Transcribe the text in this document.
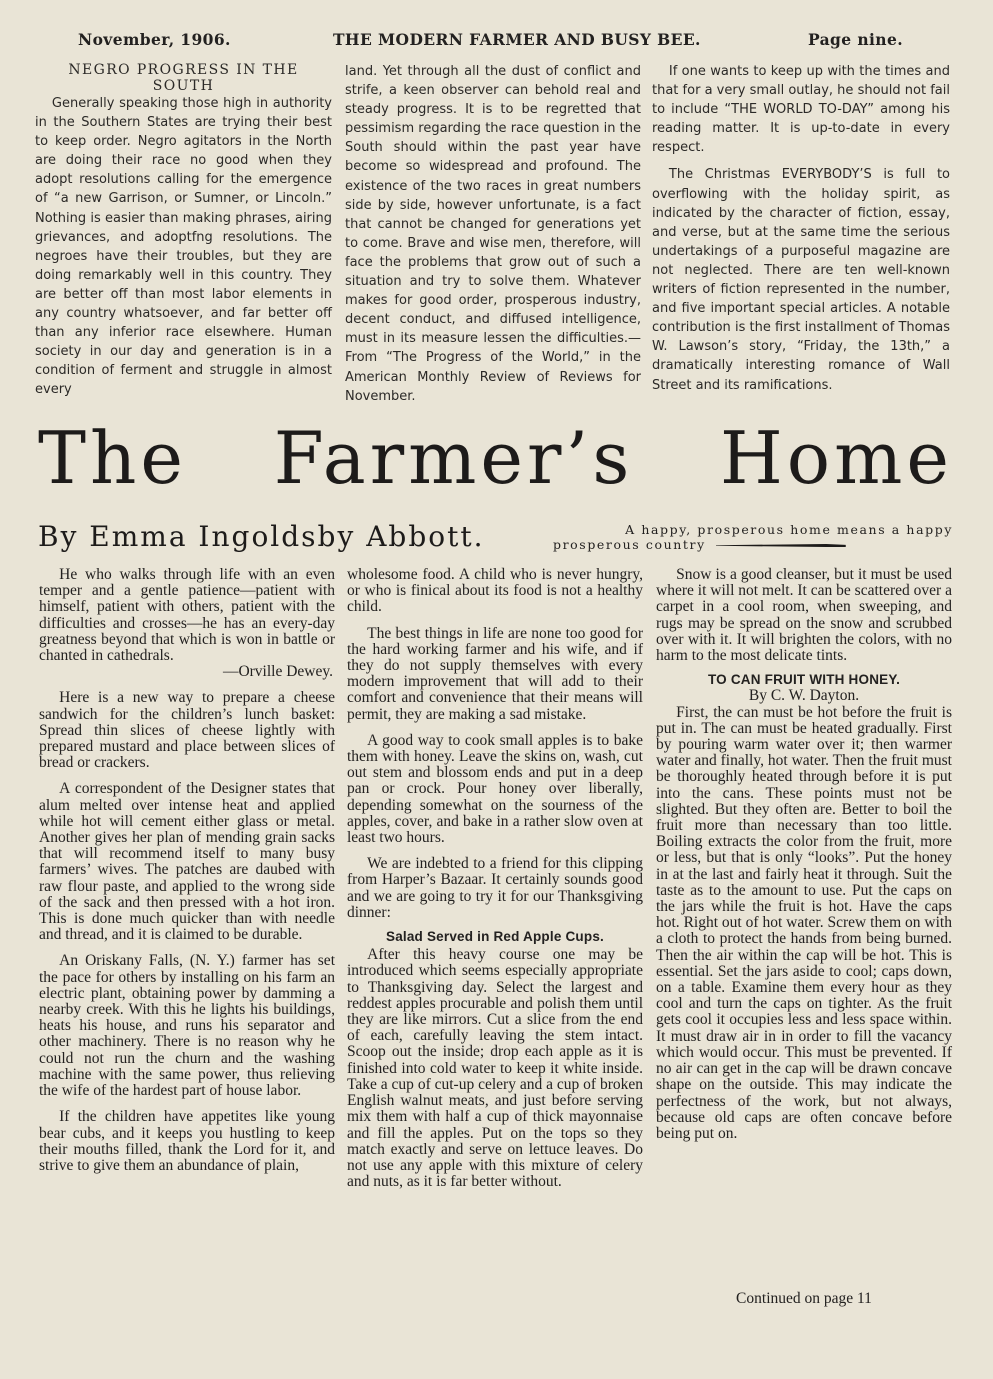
November, 1906.	THE MODERN FARMER AND BUSY BEE.	Page nine.

NEGRO PROGRESS IN THE SOUTH

Generally speaking those high in authority in the Southern States are trying their best to keep order. Negro agitators in the North are doing their race no good when they adopt resolutions calling for the emergence of “a new Garrison, or Sumner, or Lincoln.” Nothing is easier than making phrases, airing grievances, and adoptfng resolutions. The negroes have their troubles, but they are doing remarkably well in this country. They are better off than most labor elements in any country whatsoever, and far better off than any inferior race elsewhere. Human society in our day and generation is in a condition of ferment and struggle in almost every

land. Yet through all the dust of conflict and strife, a keen observer can behold real and steady progress. It is to be regretted that pessimism regarding the race question in the South should within the past year have become so widespread and profound. The existence of the two races in great numbers side by side, however unfortunate, is a fact that cannot be changed for generations yet to come. Brave and wise men, therefore, will face the problems that grow out of such a situation and try to solve them. Whatever makes for good order, prosperous industry, decent conduct, and diffused intelligence, must in its measure lessen the difficulties.—From “The Progress of the World,” in the American Monthly Review of Reviews for November.

If one wants to keep up with the times and that for a very small outlay, he should not fail to include “THE WORLD TO-DAY” among his reading matter. It is up-to-date in every respect.

The Christmas EVERYBODY’S is full to overflowing with the holiday spirit, as indicated by the character of fiction, essay, and verse, but at the same time the serious undertakings of a purposeful magazine are not neglected. There are ten well-known writers of fiction represented in the number, and five important special articles. A notable contribution is the first installment of Thomas W. Lawson’s story, “Friday, the 13th,” a dramatically interesting romance of Wall Street and its ramifications.

The Farmer’s Home
By Emma Ingoldsby Abbott.	A happy, prosperous home means a happy
prosperous country

He who walks through life with an even temper and a gentle patience—patient with himself, patient with others, patient with the difficulties and crosses—he has an every-day greatness beyond that which is won in battle or chanted in cathedrals.

—Orville Dewey.

Here is a new way to prepare a cheese sandwich for the children’s lunch basket: Spread thin slices of cheese lightly with prepared mustard and place between slices of bread or crackers.

A correspondent of the Designer states that alum melted over intense heat and applied while hot will cement either glass or metal. Another gives her plan of mending grain sacks that will recommend itself to many busy farmers’ wives. The patches are daubed with raw flour paste, and applied to the wrong side of the sack and then pressed with a hot iron. This is done much quicker than with needle and thread, and it is claimed to be durable.

An Oriskany Falls, (N. Y.) farmer has set the pace for others by installing on his farm an electric plant, obtaining power by damming a nearby creek. With this he lights his buildings, heats his house, and runs his separator and other machinery. There is no reason why he could not run the churn and the washing machine with the same power, thus relieving the wife of the hardest part of house labor.

If the children have appetites like young bear cubs, and it keeps you hustling to keep their mouths filled, thank the Lord for it, and strive to give them an abundance of plain,

wholesome food. A child who is never hungry, or who is finical about its food is not a healthy child.

The best things in life are none too good for the hard working farmer and his wife, and if they do not supply themselves with every modern improvement that will add to their comfort and convenience that their means will permit, they are making a sad mistake.

A good way to cook small apples is to bake them with honey. Leave the skins on, wash, cut out stem and blossom ends and put in a deep pan or crock. Pour honey over liberally, depending somewhat on the sourness of the apples, cover, and bake in a rather slow oven at least two hours.

We are indebted to a friend for this clipping from Harper’s Bazaar. It certainly sounds good and we are going to try it for our Thanksgiving dinner:

Salad Served in Red Apple Cups.

After this heavy course one may be introduced which seems especially appropriate to Thanksgiving day. Select the largest and reddest apples procurable and polish them until they are like mirrors. Cut a slice from the end of each, carefully leaving the stem intact. Scoop out the inside; drop each apple as it is finished into cold water to keep it white inside. Take a cup of cut-up celery and a cup of broken English walnut meats, and just before serving mix them with half a cup of thick mayonnaise and fill the apples. Put on the tops so they match exactly and serve on lettuce leaves. Do not use any apple with this mixture of celery and nuts, as it is far better without.

Snow is a good cleanser, but it must be used where it will not melt. It can be scattered over a carpet in a cool room, when sweeping, and rugs may be spread on the snow and scrubbed over with it. It will brighten the colors, with no harm to the most delicate tints.

TO CAN FRUIT WITH HONEY.

By C. W. Dayton.

First, the can must be hot before the fruit is put in. The can must be heated gradually. First by pouring warm water over it; then warmer water and finally, hot water. Then the fruit must be thoroughly heated through before it is put into the cans. These points must not be slighted. But they often are. Better to boil the fruit more than necessary than too little. Boiling extracts the color from the fruit, more or less, but that is only “looks”. Put the honey in at the last and fairly heat it through. Suit the taste as to the amount to use. Put the caps on the jars while the fruit is hot. Have the caps hot. Right out of hot water. Screw them on with a cloth to protect the hands from being burned. Then the air within the cap will be hot. This is essential. Set the jars aside to cool; caps down, on a table. Examine them every hour as they cool and turn the caps on tighter. As the fruit gets cool it occupies less and less space within. It must draw air in in order to fill the vacancy which would occur. This must be prevented. If no air can get in the cap will be drawn concave shape on the outside. This may indicate the perfectness of the work, but not always, because old caps are often concave before being put on.

Continued on page 11
